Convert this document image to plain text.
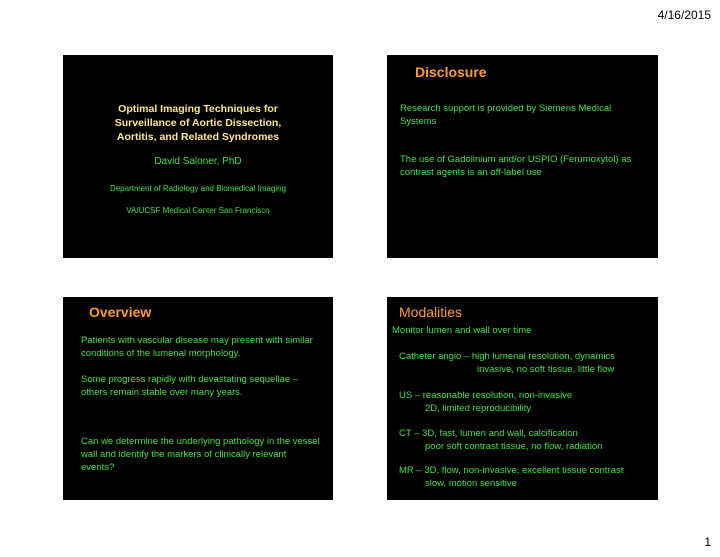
4/16/2015
Optimal Imaging Techniques for
Surveillance of Aortic Dissection,
Aortitis, and Related Syndromes
David Saloner, PhD
Department of Radiology and Biomedical Imaging
VA/UCSF Medical Center San Francisco
Disclosure
Research support is provided by Siemens Medical Systems
The use of Gadolinium and/or USPIO (Ferumoxytol) as contrast agents is an off-label use
Overview
Patients with vascular disease may present with similar conditions of the lumenal morphology.
Some progress rapidly with devastating sequellae – others remain stable over many years.
Can we determine the underlying pathology in the vessel wall and identify the markers of clinically relevant events?
Modalities
Monitor lumen and wall over time
Catheter angio – high lumenal resolution, dynamics
invasive, no soft tissue, little flow
US – reasonable resolution, non-invasive
2D, limited reproducibility
CT – 3D, fast, lumen and wall, calcification
poor soft contrast tissue, no flow, radiation
MR – 3D, flow, non-invasive, excellent tissue contrast
slow, motion sensitive
1
